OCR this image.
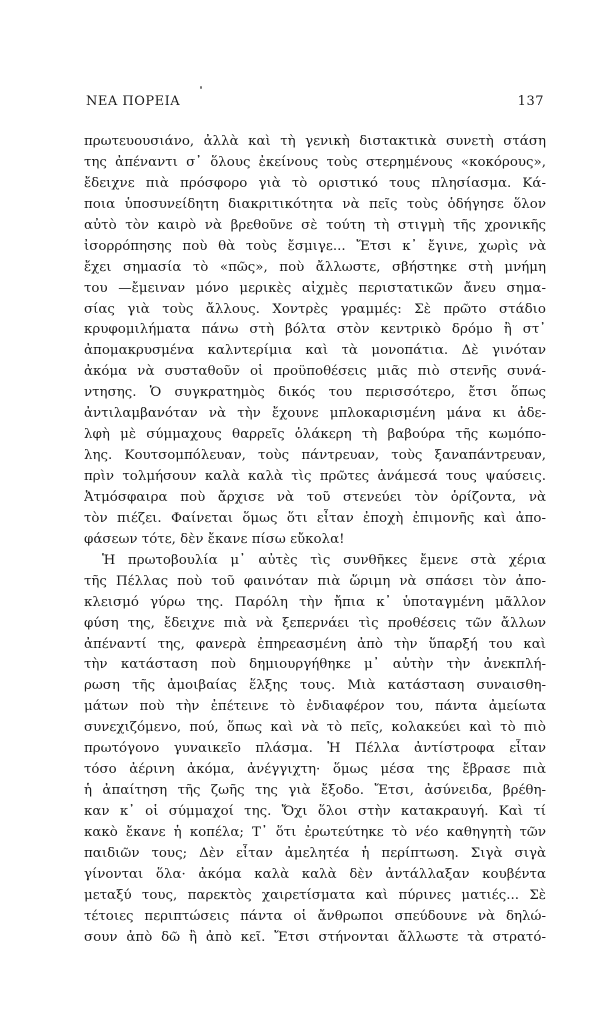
ΝΕΑ ΠΟΡΕΙΑ	137
πρωτευουσιάνο, ἀλλὰ καὶ τὴ γενικὴ διστακτικὰ συνετὴ στάση
της ἀπέναντι σ᾽ ὅλους ἐκείνους τοὺς στερημένους «κοκόρους»,
ἔδειχνε πιὰ πρόσφορο γιὰ τὸ οριστικό τους πλησίασμα. Κά-
ποια ὑποσυνείδητη διακριτικότητα νὰ πεῖς τοὺς ὁδήγησε ὅλον
αὐτὸ τὸν καιρὸ νὰ βρεθοῦνε σὲ τούτη τὴ στιγμὴ τῆς χρονικῆς
ἰσορρόπησης ποὺ θὰ τοὺς ἔσμιγε... Ἔτσι κ᾽ ἔγινε, χωρὶς νὰ
ἔχει σημασία τὸ «πῶς», ποὺ ἄλλωστε, σβήστηκε στὴ μνήμη
του —ἔμειναν μόνο μερικὲς αἰχμὲς περιστατικῶν ἄνευ σημα-
σίας γιὰ τοὺς ἄλλους. Χοντρὲς γραμμές: Σὲ πρῶτο στάδιο
κρυφομιλήματα πάνω στὴ βόλτα στὸν κεντρικὸ δρόμο ἢ στ᾽
ἀπομακρυσμένα καλντερίμια καὶ τὰ μονοπάτια. Δὲ γινόταν
ἀκόμα νὰ συσταθοῦν οἱ προϋποθέσεις μιᾶς πιὸ στενῆς συνά-
ντησης. Ὁ συγκρατημὸς δικός του περισσότερο, ἔτσι ὅπως
ἀντιλαμβανόταν νὰ τὴν ἔχουνε μπλοκαρισμένη μάνα κι ἀδε-
λφὴ μὲ σύμμαχους θαρρεῖς ὁλάκερη τὴ βαβούρα τῆς κωμόπο-
λης. Κουτσομπόλευαν, τοὺς πάντρευαν, τοὺς ξαναπάντρευαν,
πρὶν τολμήσουν καλὰ καλὰ τὶς πρῶτες ἀνάμεσά τους ψαύσεις.
Ἀτμόσφαιρα ποὺ ἄρχισε νὰ τοῦ στενεύει τὸν ὁρίζοντα, νὰ
τὸν πιέζει. Φαίνεται ὅμως ὅτι εἶταν ἐποχὴ ἐπιμονῆς καὶ ἀπο-
φάσεων τότε, δὲν ἔκανε πίσω εὔκολα!
Ἡ πρωτοβουλία μ᾽ αὐτὲς τὶς συνθῆκες ἔμενε στὰ χέρια
τῆς Πέλλας ποὺ τοῦ φαινόταν πιὰ ὥριμη νὰ σπάσει τὸν ἀπο-
κλεισμό γύρω της. Παρόλη τὴν ἤπια κ᾽ ὑποταγμένη μᾶλλον
φύση της, ἔδειχνε πιὰ νὰ ξεπερνάει τὶς προθέσεις τῶν ἄλλων
ἀπέναντί της, φανερὰ ἐπηρεασμένη ἀπὸ τὴν ὕπαρξή του καὶ
τὴν κατάσταση ποὺ δημιουργήθηκε μ᾽ αὐτὴν τὴν ἀνεκπλή-
ρωση τῆς ἀμοιβαίας ἕλξης τους. Μιὰ κατάσταση συναισθη-
μάτων ποὺ τὴν ἐπέτεινε τὸ ἐνδιαφέρον του, πάντα ἀμείωτα
συνεχιζόμενο, πού, ὅπως καὶ νὰ τὸ πεῖς, κολακεύει καὶ τὸ πιὸ
πρωτόγονο γυναικεῖο πλάσμα. Ἡ Πέλλα ἀντίστροφα εἶταν
τόσο ἀέρινη ἀκόμα, ἀνέγγιχτη· ὅμως μέσα της ἔβρασε πιὰ
ἡ ἀπαίτηση τῆς ζωῆς της γιὰ ἔξοδο. Ἔτσι, ἀσύνειδα, βρέθη-
καν κ᾽ οἱ σύμμαχοί της. Ὄχι ὅλοι στὴν κατακραυγή. Καὶ τί
κακὸ ἔκανε ἡ κοπέλα; Τ᾽ ὅτι ἐρωτεύτηκε τὸ νέο καθηγητὴ τῶν
παιδιῶν τους; Δὲν εἶταν ἀμελητέα ἡ περίπτωση. Σιγὰ σιγὰ
γίνονται ὅλα· ἀκόμα καλὰ καλὰ δὲν ἀντάλλαξαν κουβέντα
μεταξύ τους, παρεκτὸς χαιρετίσματα καὶ πύρινες ματιές... Σὲ
τέτοιες περιπτώσεις πάντα οἱ ἄνθρωποι σπεύδουνε νὰ δηλώ-
σουν ἀπὸ δῶ ἢ ἀπὸ κεῖ. Ἔτσι στήνονται ἄλλωστε τὰ στρατό-
